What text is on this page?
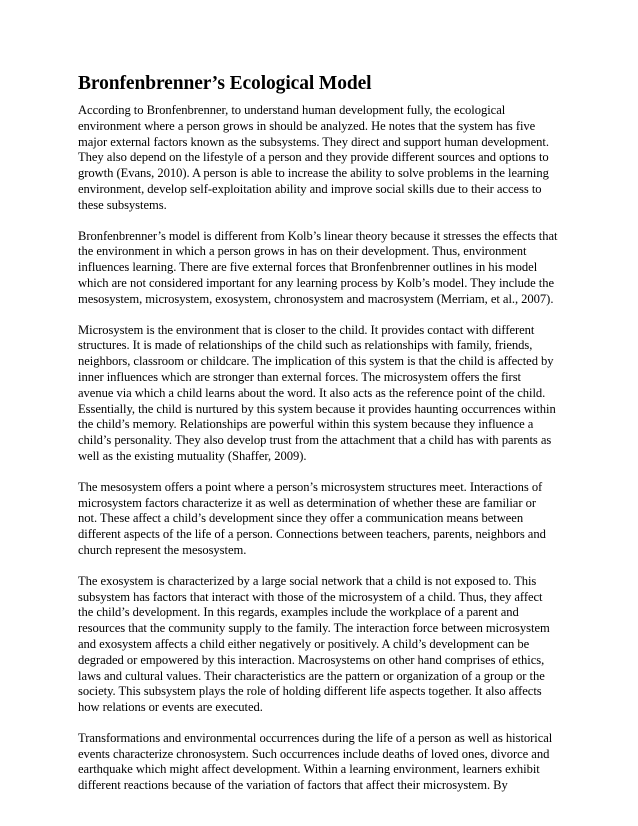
Bronfenbrenner’s Ecological Model

According to Bronfenbrenner, to understand human development fully, the ecological environment where a person grows in should be analyzed. He notes that the system has five major external factors known as the subsystems. They direct and support human development. They also depend on the lifestyle of a person and they provide different sources and options to growth (Evans, 2010). A person is able to increase the ability to solve problems in the learning environment, develop self-exploitation ability and improve social skills due to their access to these subsystems.

Bronfenbrenner’s model is different from Kolb’s linear theory because it stresses the effects that the environment in which a person grows in has on their development. Thus, environment influences learning. There are five external forces that Bronfenbrenner outlines in his model which are not considered important for any learning process by Kolb’s model. They include the mesosystem, microsystem, exosystem, chronosystem and macrosystem (Merriam, et al., 2007).

Microsystem is the environment that is closer to the child. It provides contact with different structures. It is made of relationships of the child such as relationships with family, friends, neighbors, classroom or childcare. The implication of this system is that the child is affected by inner influences which are stronger than external forces. The microsystem offers the first avenue via which a child learns about the word. It also acts as the reference point of the child. Essentially, the child is nurtured by this system because it provides haunting occurrences within the child’s memory. Relationships are powerful within this system because they influence a child’s personality. They also develop trust from the attachment that a child has with parents as well as the existing mutuality (Shaffer, 2009).

The mesosystem offers a point where a person’s microsystem structures meet. Interactions of microsystem factors characterize it as well as determination of whether these are familiar or not. These affect a child’s development since they offer a communication means between different aspects of the life of a person. Connections between teachers, parents, neighbors and church represent the mesosystem.

The exosystem is characterized by a large social network that a child is not exposed to. This subsystem has factors that interact with those of the microsystem of a child. Thus, they affect the child’s development. In this regards, examples include the workplace of a parent and resources that the community supply to the family. The interaction force between microsystem and exosystem affects a child either negatively or positively. A child’s development can be degraded or empowered by this interaction. Macrosystems on other hand comprises of ethics, laws and cultural values. Their characteristics are the pattern or organization of a group or the society. This subsystem plays the role of holding different life aspects together. It also affects how relations or events are executed.

Transformations and environmental occurrences during the life of a person as well as historical events characterize chronosystem. Such occurrences include deaths of loved ones, divorce and earthquake which might affect development. Within a learning environment, learners exhibit different reactions because of the variation of factors that affect their microsystem. By
